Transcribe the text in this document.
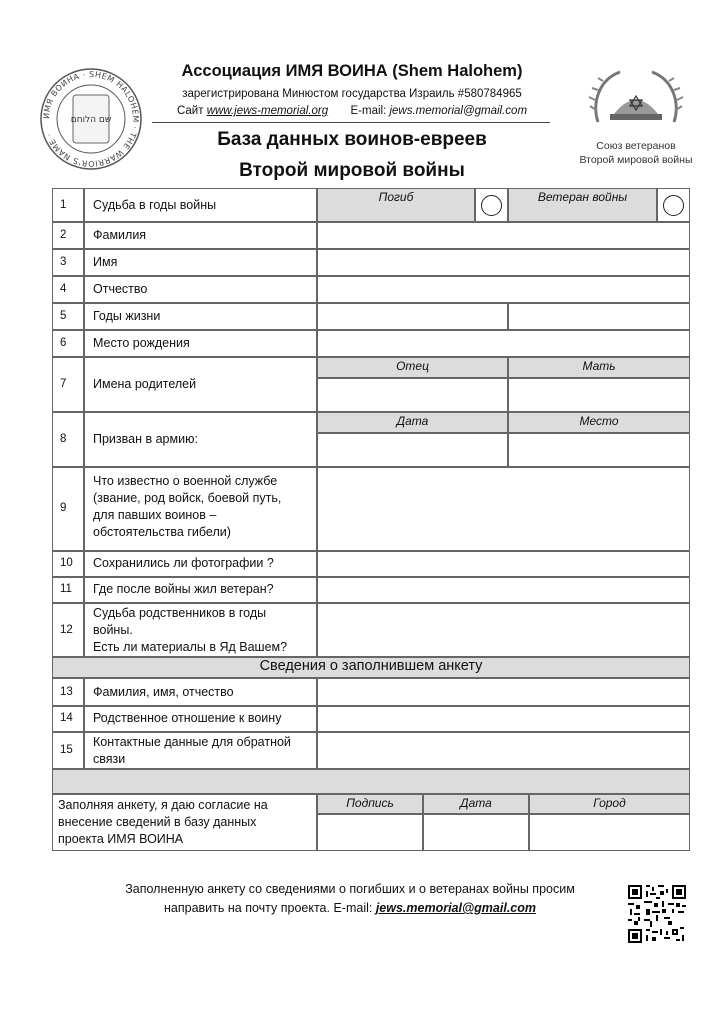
ИМЯ ВОИНА · SHEM HALOHEM · THE WARRIOR'S NAME ·
שם הלוחם
Ассоциация ИМЯ ВОИНА (Shem Halohem)
зарегистрирована Минюстом государства Израиль #580784965
Сайт www.jews-memorial.org E-mail: jews.memorial@gmail.com
База данных воинов-евреев
Второй мировой войны
Союз ветеранов
Второй мировой войны
1 Судьба в годы войны
Погиб	Ветеран войны
2 Фамилия
3 Имя
4 Отчество
5 Годы жизни
6 Место рождения
7 Имена родителей
Отец	Мать
8 Призван в армию:
Дата	Место
9
Что известно о военной службе
(звание, род войск, боевой путь,
для павших воинов –
обстоятельства гибели)
10 Сохранились ли фотографии ?
11 Где после войны жил ветеран?
12
Судьба родственников в годы
войны.
Есть ли материалы в Яд Вашем?
Сведения о заполнившем анкету
13 Фамилия, имя, отчество
14 Родственное отношение к воину
15
Контактные данные для обратной
связи
Заполняя анкету, я даю согласие на
внесение сведений в базу данных
проекта ИМЯ ВОИНА
Подпись	Дата	Город
Заполненную анкету со сведениями о погибших и о ветеранах войны просим
направить на почту проекта. E-mail: jews.memorial@gmail.com
